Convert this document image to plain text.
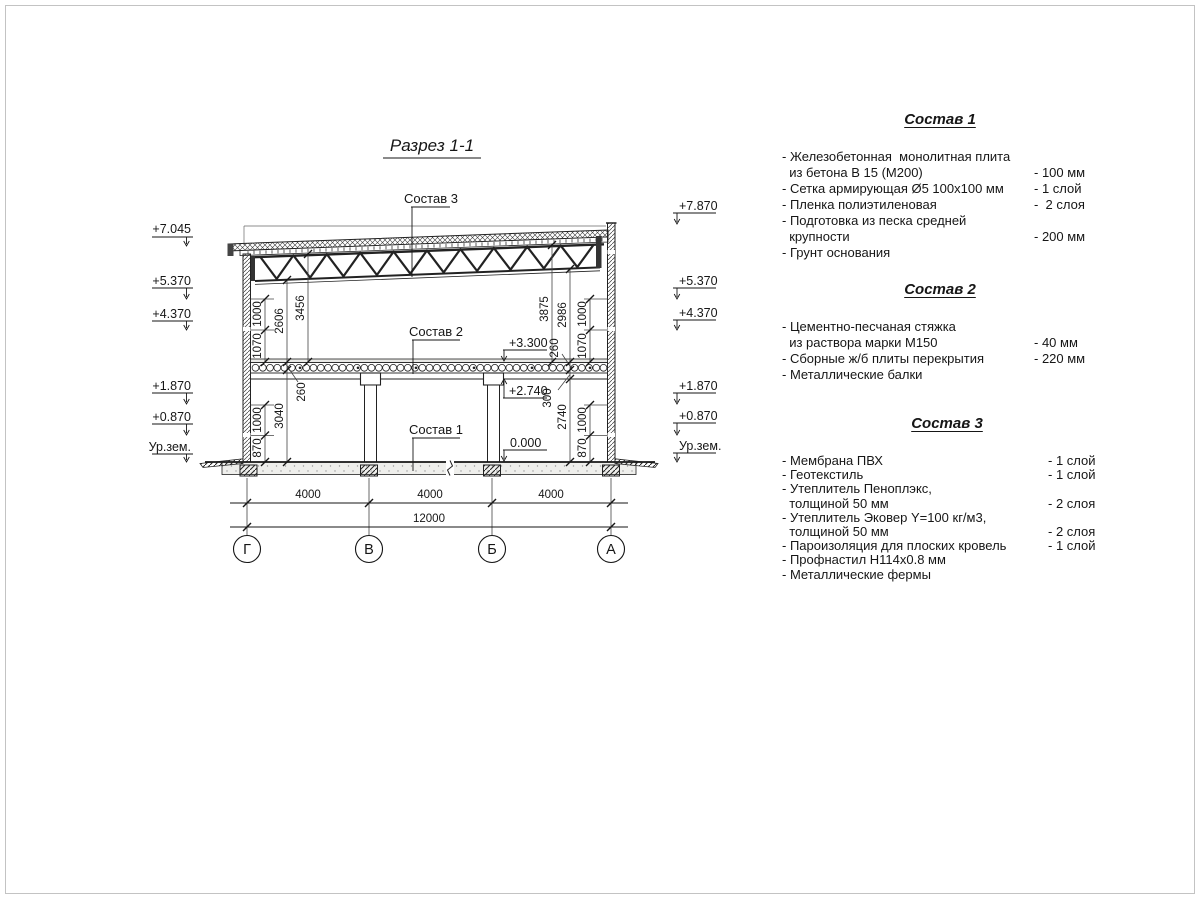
Разрез 1-1
4000	4000	4000
12000
Г	В	Б	А
1000
1070
2606
3456
1000
870
3040
260
3875 2986
260
1000
1070
300
2740 1000
870
+7.045
+5.370
+4.370
+1.870
+0.870
Ур.зем.
+7.870
+5.370
+4.370
+1.870
+0.870
Ур.зем.
Состав 3
Состав 2
Состав 1
+3.300
+2.740
0.000
Состав 1
- Железобетонная  монолитная плита
из бетона В 15 (М200)	- 100 мм
- Сетка армирующая Ø5 100х100 мм	- 1 слой
- Пленка полиэтиленовая	-  2 слоя
- Подготовка из песка средней
крупности	- 200 мм
- Грунт основания
Состав 2
- Цементно-песчаная стяжка
из раствора марки М150	- 40 мм
- Сборные ж/б плиты перекрытия	- 220 мм
- Металлические балки
Состав 3
- Мембрана ПВХ	- 1 слой
- Геотекстиль	- 1 слой
- Утеплитель Пеноплэкс,
толщиной 50 мм	- 2 слоя
- Утеплитель Эковер Y=100 кг/м3,
толщиной 50 мм	- 2 слоя
- Пароизоляция для плоских кровель	- 1 слой
- Профнастил Н114х0.8 мм
- Металлические фермы
